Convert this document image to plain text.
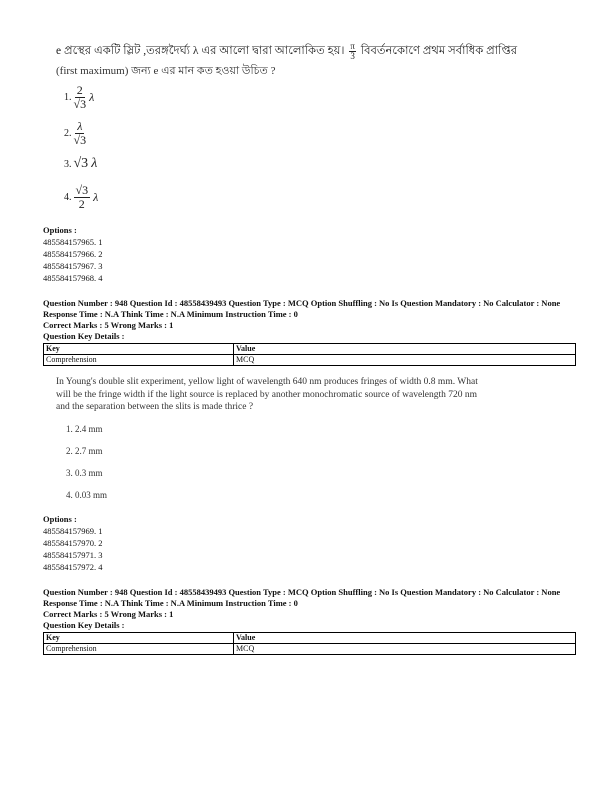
e প্রস্থের একটি স্লিট ,তরঙ্গদৈর্ঘ্য λ এর আলো দ্বারা আলোকিত হয়। $\frac{\pi}{3}$ বিবর্তনকোণে প্রথম সর্বাধিক প্রাপ্তির
(first maximum) জন্য e এর মান কত হওয়া উচিত ?
1.
2
√3 λ
2.
λ
√3
3. √3 λ
4.
√3
2 λ
Options :
485584157965. 1
485584157966. 2
485584157967. 3
485584157968. 4
Question Number : 948 Question Id : 48558439493 Question Type : MCQ Option Shuffling : No Is Question Mandatory : No Calculator : None
Response Time : N.A Think Time : N.A Minimum Instruction Time : 0
Correct Marks : 5 Wrong Marks : 1
Question Key Details :
Key	Value
Comprehension	MCQ
In Young's double slit experiment, yellow light of wavelength 640 nm produces fringes of width 0.8 mm. What will be the fringe width if the light source is replaced by another monochromatic source of wavelength 720 nm and the separation between the slits is made thrice ?
1. 2.4 mm
2. 2.7 mm
3. 0.3 mm
4. 0.03 mm
Options :
485584157969. 1
485584157970. 2
485584157971. 3
485584157972. 4
Question Number : 948 Question Id : 48558439493 Question Type : MCQ Option Shuffling : No Is Question Mandatory : No Calculator : None
Response Time : N.A Think Time : N.A Minimum Instruction Time : 0
Correct Marks : 5 Wrong Marks : 1
Question Key Details :
Key	Value
Comprehension	MCQ
